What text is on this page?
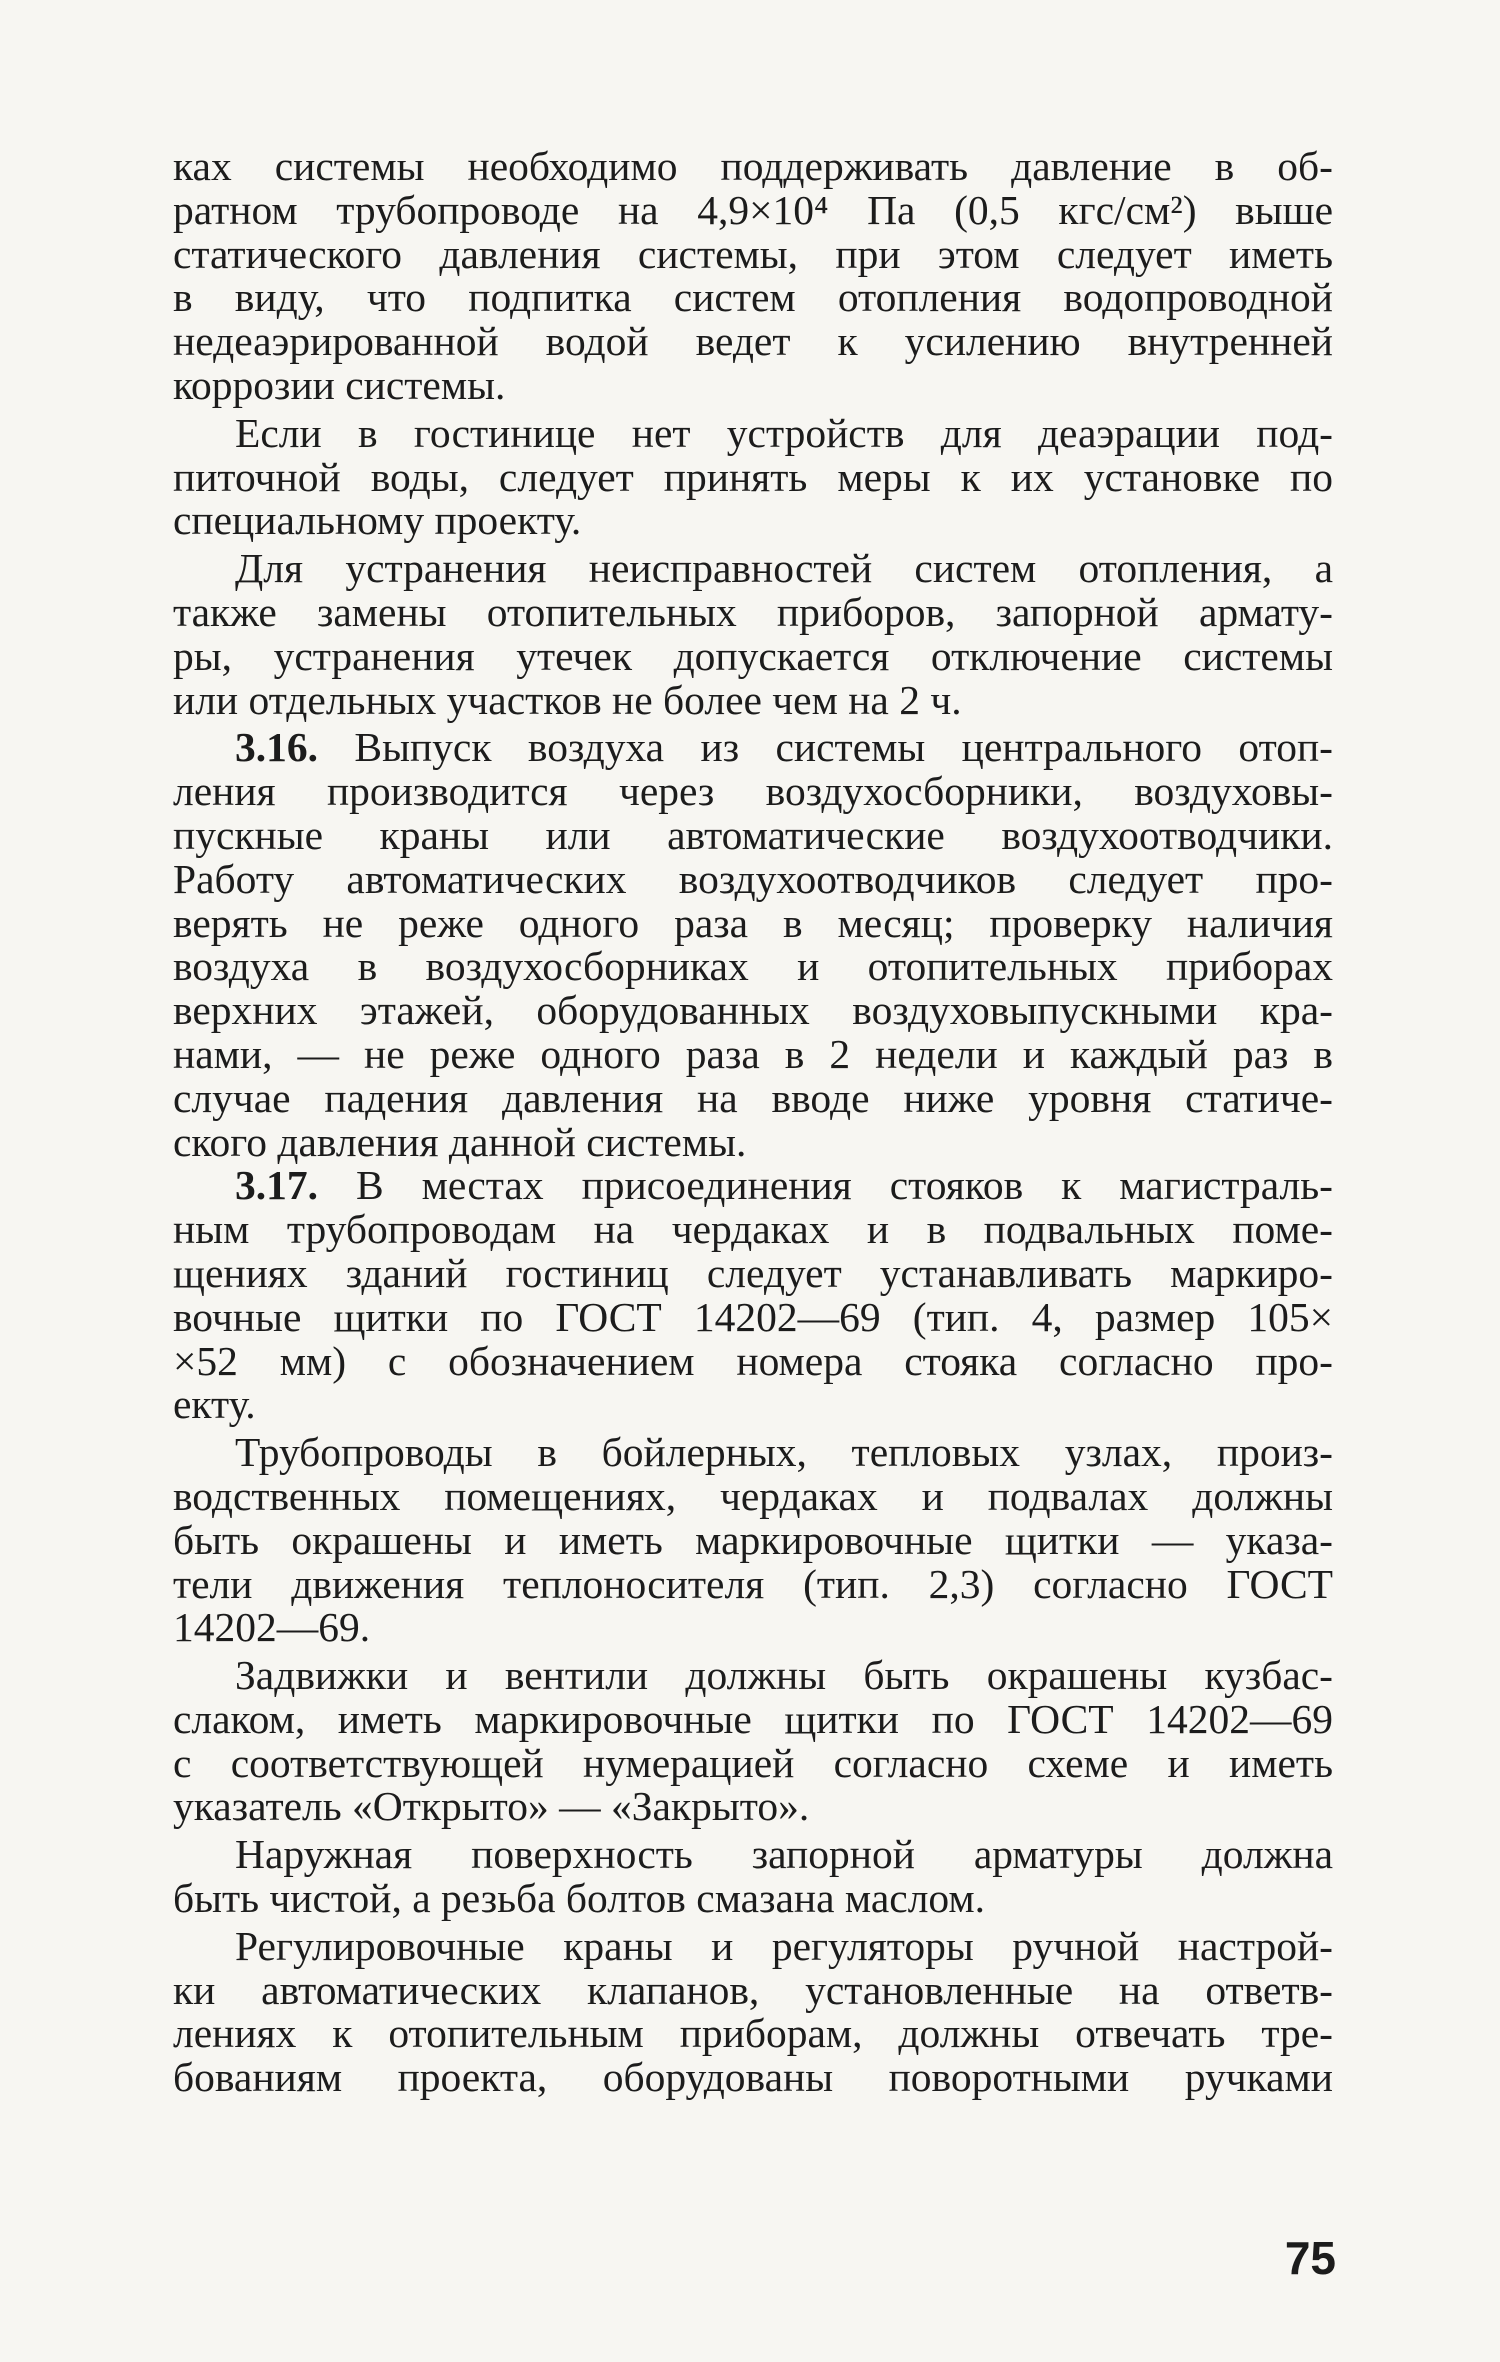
ках системы необходимо поддерживать давление в об-
ратном трубопроводе на 4,9×10⁴ Па (0,5 кгс/см²) выше
статического давления системы, при этом следует иметь
в виду, что подпитка систем отопления водопроводной
недеаэрированной водой ведет к усилению внутренней
коррозии системы.
Если в гостинице нет устройств для деаэрации под-
питочной воды, следует принять меры к их установке по
специальному проекту.
Для устранения неисправностей систем отопления, а
также замены отопительных приборов, запорной армату-
ры, устранения утечек допускается отключение системы
или отдельных участков не более чем на 2 ч.
3.16. Выпуск воздуха из системы центрального отоп-
ления производится через воздухосборники, воздуховы-
пускные краны или автоматические воздухоотводчики.
Работу автоматических воздухоотводчиков следует про-
верять не реже одного раза в месяц; проверку наличия
воздуха в воздухосборниках и отопительных приборах
верхних этажей, оборудованных воздуховыпускными кра-
нами, — не реже одного раза в 2 недели и каждый раз в
случае падения давления на вводе ниже уровня статиче-
ского давления данной системы.
3.17. В местах присоединения стояков к магистраль-
ным трубопроводам на чердаках и в подвальных поме-
щениях зданий гостиниц следует устанавливать маркиро-
вочные щитки по ГОСТ 14202—69 (тип. 4, размер 105×
×52 мм) с обозначением номера стояка согласно про-
екту.
Трубопроводы в бойлерных, тепловых узлах, произ-
водственных помещениях, чердаках и подвалах должны
быть окрашены и иметь маркировочные щитки — указа-
тели движения теплоносителя (тип. 2,3) согласно ГОСТ
14202—69.
Задвижки и вентили должны быть окрашены кузбас-
слаком, иметь маркировочные щитки по ГОСТ 14202—69
с соответствующей нумерацией согласно схеме и иметь
указатель «Открыто» — «Закрыто».
Наружная поверхность запорной арматуры должна
быть чистой, а резьба болтов смазана маслом.
Регулировочные краны и регуляторы ручной настрой-
ки автоматических клапанов, установленные на ответв-
лениях к отопительным приборам, должны отвечать тре-
бованиям проекта, оборудованы поворотными ручками
75
